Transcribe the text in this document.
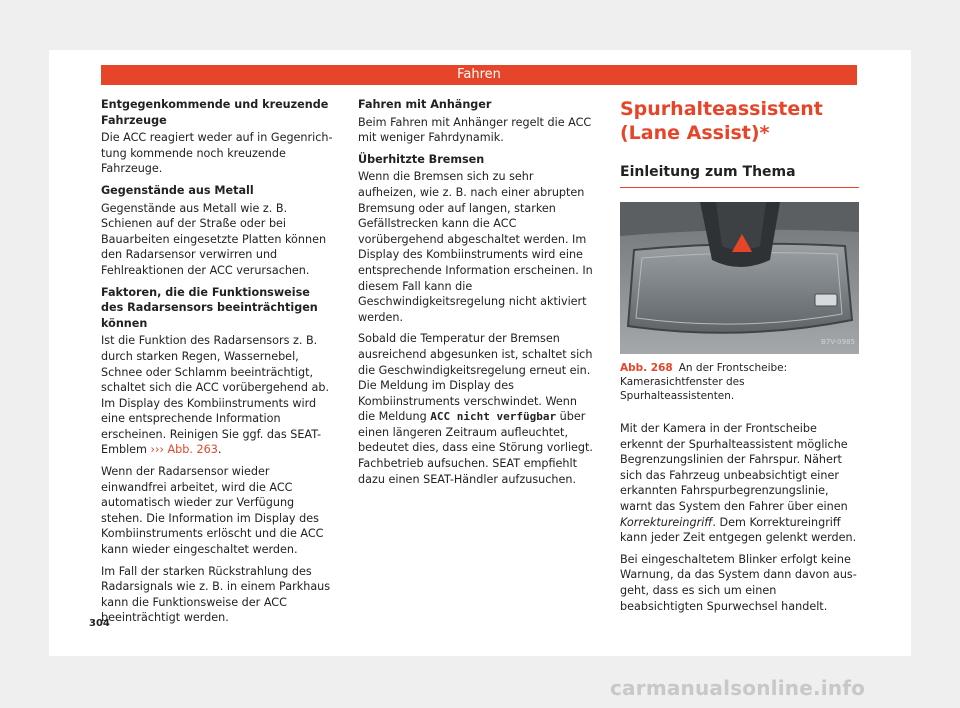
Fahren
Entgegenkommende und kreuzende Fahrzeuge

Die ACC reagiert weder auf in Gegenrichtung kommende noch kreuzende Fahrzeuge.

Gegenstände aus Metall

Gegenstände aus Metall wie z. B. Schienen auf der Straße oder bei Bauarbeiten eingesetzte Platten können den Radarsensor verwirren und Fehlreaktionen der ACC verursachen.

Faktoren, die die Funktionsweise des Radarsensors beeinträchtigen können

Ist die Funktion des Radarsensors z. B. durch starken Regen, Wassernebel, Schnee oder Schlamm beeinträchtigt, schaltet sich die ACC vorübergehend ab. Im Display des Kombiinstruments wird eine entsprechende Information erscheinen. Reinigen Sie ggf. das SEAT-Emblem ››› Abb. 263.

Wenn der Radarsensor wieder einwandfrei arbeitet, wird die ACC automatisch wieder zur Verfügung stehen. Die Information im Display des Kombiinstruments erlöscht und die ACC kann wieder eingeschaltet werden.

Im Fall der starken Rückstrahlung des Radarsignals wie z. B. in einem Parkhaus kann die Funktionsweise der ACC beeinträchtigt werden.

Fahren mit Anhänger

Beim Fahren mit Anhänger regelt die ACC mit weniger Fahrdynamik.

Überhitzte Bremsen

Wenn die Bremsen sich zu sehr aufheizen, wie z. B. nach einer abrupten Bremsung oder auf langen, starken Gefällstrecken kann die ACC vorübergehend abgeschaltet werden. Im Display des Kombiinstruments wird eine entsprechende Information erscheinen. In diesem Fall kann die Geschwindigkeitsregelung nicht aktiviert werden.

Sobald die Temperatur der Bremsen ausreichend abgesunken ist, schaltet sich die Geschwindigkeitsregelung erneut ein. Die Meldung im Display des Kombiinstruments verschwindet. Wenn die Meldung ACC nicht verfügbar über einen längeren Zeitraum aufleuchtet, bedeutet dies, dass eine Störung vorliegt. Fachbetrieb aufsuchen. SEAT empfiehlt dazu einen SEAT-Händler aufzusuchen.

Spurhalteassistent (Lane Assist)*
Einleitung zum Thema
B7V-0985
Abb. 268 An der Frontscheibe: Kamerasichtfenster des Spurhalteassistenten.

Mit der Kamera in der Frontscheibe erkennt der Spurhalteassistent mögliche Begrenzungslinien der Fahrspur. Nähert sich das Fahrzeug unbeabsichtigt einer erkannten Fahrspurbegrenzungslinie, warnt das System den Fahrer über einen Korrektureingriff. Dem Korrektureingriff kann jeder Zeit entgegen gelenkt werden.

Bei eingeschaltetem Blinker erfolgt keine Warnung, da das System dann davon ausgeht, dass es sich um einen beabsichtigten Spurwechsel handelt.

304
carmanualsonline.info
